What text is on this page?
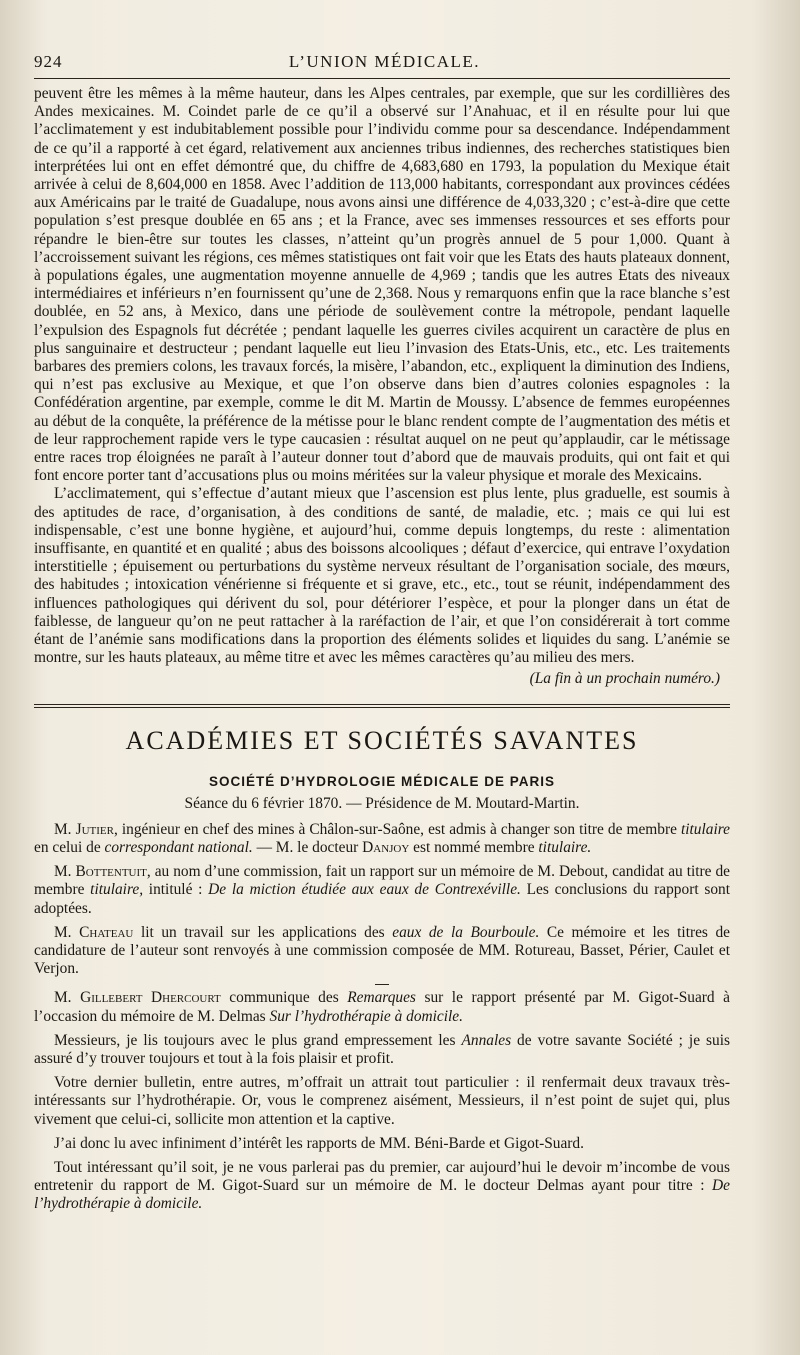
924	L’UNION MÉDICALE.

peuvent être les mêmes à la même hauteur, dans les Alpes centrales, par exemple, que sur les cordillières des Andes mexicaines. M. Coindet parle de ce qu’il a observé sur l’Anahuac, et il en résulte pour lui que l’acclimatement y est indubitablement possible pour l’individu comme pour sa descendance. Indépendamment de ce qu’il a rapporté à cet égard, relativement aux anciennes tribus indiennes, des recherches statistiques bien interprétées lui ont en effet démontré que, du chiffre de 4,683,680 en 1793, la population du Mexique était arrivée à celui de 8,604,000 en 1858. Avec l’addition de 113,000 habitants, correspondant aux provinces cédées aux Américains par le traité de Guadalupe, nous avons ainsi une différence de 4,033,320 ; c’est-à-dire que cette population s’est presque doublée en 65 ans ; et la France, avec ses immenses ressources et ses efforts pour répandre le bien-être sur toutes les classes, n’atteint qu’un progrès annuel de 5 pour 1,000. Quant à l’accroissement suivant les régions, ces mêmes statistiques ont fait voir que les Etats des hauts plateaux donnent, à populations égales, une augmentation moyenne annuelle de 4,969 ; tandis que les autres Etats des niveaux intermédiaires et inférieurs n’en fournissent qu’une de 2,368. Nous y remarquons enfin que la race blanche s’est doublée, en 52 ans, à Mexico, dans une période de soulèvement contre la métropole, pendant laquelle l’expulsion des Espagnols fut décrétée ; pendant laquelle les guerres civiles acquirent un caractère de plus en plus sanguinaire et destructeur ; pendant laquelle eut lieu l’invasion des Etats-Unis, etc., etc. Les traitements barbares des premiers colons, les travaux forcés, la misère, l’abandon, etc., expliquent la diminution des Indiens, qui n’est pas exclusive au Mexique, et que l’on observe dans bien d’autres colonies espagnoles : la Confédération argentine, par exemple, comme le dit M. Martin de Moussy. L’absence de femmes européennes au début de la conquête, la préférence de la métisse pour le blanc rendent compte de l’augmentation des métis et de leur rapprochement rapide vers le type caucasien : résultat auquel on ne peut qu’applaudir, car le métissage entre races trop éloignées ne paraît à l’auteur donner tout d’abord que de mauvais produits, qui ont fait et qui font encore porter tant d’accusations plus ou moins méritées sur la valeur physique et morale des Mexicains.

L’acclimatement, qui s’effectue d’autant mieux que l’ascension est plus lente, plus graduelle, est soumis à des aptitudes de race, d’organisation, à des conditions de santé, de maladie, etc. ; mais ce qui lui est indispensable, c’est une bonne hygiène, et aujourd’hui, comme depuis longtemps, du reste : alimentation insuffisante, en quantité et en qualité ; abus des boissons alcooliques ; défaut d’exercice, qui entrave l’oxydation interstitielle ; épuisement ou perturbations du système nerveux résultant de l’organisation sociale, des mœurs, des habitudes ; intoxication vénérienne si fréquente et si grave, etc., etc., tout se réunit, indépendamment des influences pathologiques qui dérivent du sol, pour détériorer l’espèce, et pour la plonger dans un état de faiblesse, de langueur qu’on ne peut rattacher à la raréfaction de l’air, et que l’on considérerait à tort comme étant de l’anémie sans modifications dans la proportion des éléments solides et liquides du sang. L’anémie se montre, sur les hauts plateaux, au même titre et avec les mêmes caractères qu’au milieu des mers.

(La fin à un prochain numéro.)
ACADÉMIES ET SOCIÉTÉS SAVANTES
SOCIÉTÉ D’HYDROLOGIE MÉDICALE DE PARIS
Séance du 6 février 1870. — Présidence de M. Moutard-Martin.

M. Jutier, ingénieur en chef des mines à Châlon-sur-Saône, est admis à changer son titre de membre titulaire en celui de correspondant national. — M. le docteur Danjoy est nommé membre titulaire.

M. Bottentuit, au nom d’une commission, fait un rapport sur un mémoire de M. Debout, candidat au titre de membre titulaire, intitulé : De la miction étudiée aux eaux de Contrexéville. Les conclusions du rapport sont adoptées.

M. Chateau lit un travail sur les applications des eaux de la Bourboule. Ce mémoire et les titres de candidature de l’auteur sont renvoyés à une commission composée de MM. Rotureau, Basset, Périer, Caulet et Verjon.

M. Gillebert Dhercourt communique des Remarques sur le rapport présenté par M. Gigot-Suard à l’occasion du mémoire de M. Delmas Sur l’hydrothérapie à domicile.

Messieurs, je lis toujours avec le plus grand empressement les Annales de votre savante Société ; je suis assuré d’y trouver toujours et tout à la fois plaisir et profit.

Votre dernier bulletin, entre autres, m’offrait un attrait tout particulier : il renfermait deux travaux très-intéressants sur l’hydrothérapie. Or, vous le comprenez aisément, Messieurs, il n’est point de sujet qui, plus vivement que celui-ci, sollicite mon attention et la captive.

J’ai donc lu avec infiniment d’intérêt les rapports de MM. Béni-Barde et Gigot-Suard.

Tout intéressant qu’il soit, je ne vous parlerai pas du premier, car aujourd’hui le devoir m’incombe de vous entretenir du rapport de M. Gigot-Suard sur un mémoire de M. le docteur Delmas ayant pour titre : De l’hydrothérapie à domicile.
